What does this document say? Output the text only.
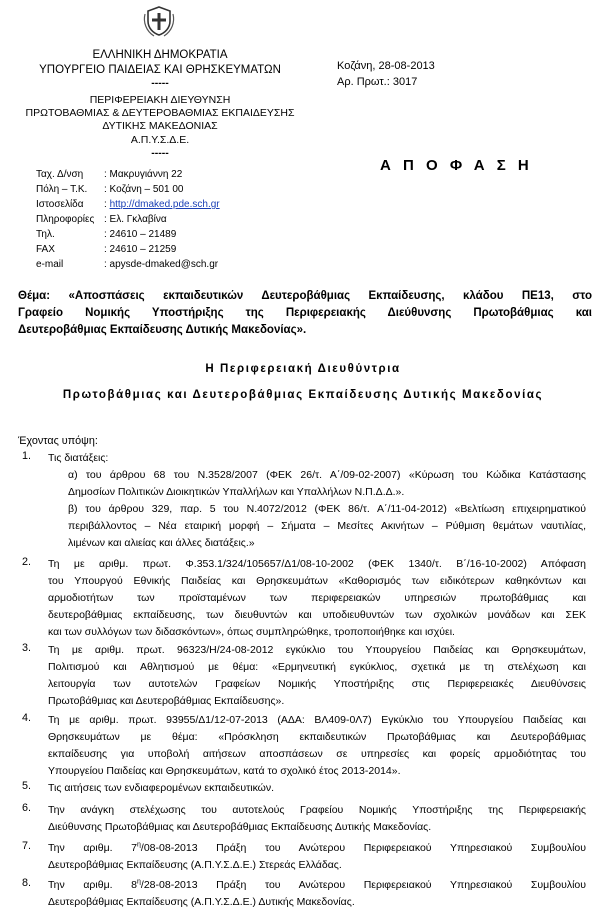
ΕΛΛΗΝΙΚΗ ΔΗΜΟΚΡΑΤΙΑ
ΥΠΟΥΡΓΕΙΟ ΠΑΙΔΕΙΑΣ ΚΑΙ ΘΡΗΣΚΕΥΜΑΤΩΝ
-----
ΠΕΡΙΦΕΡΕΙΑΚΗ ΔΙΕΥΘΥΝΣΗ
ΠΡΩΤΟΒΑΘΜΙΑΣ & ΔΕΥΤΕΡΟΒΑΘΜΙΑΣ ΕΚΠΑΙΔΕΥΣΗΣ
ΔΥΤΙΚΗΣ ΜΑΚΕΔΟΝΙΑΣ
Α.Π.Υ.Σ.Δ.Ε.
-----
Κοζάνη, 28-08-2013
Αρ. Πρωτ.: 3017
Α Π Ο Φ Α Σ Η
Ταχ. Δ/νση : Μακρυγιάννη 22
Πόλη – Τ.Κ. : Κοζάνη – 501 00
Ιστοσελίδα : http://dmaked.pde.sch.gr
Πληροφορίες : Ελ. Γκλαβίνα
Τηλ.	: 24610 – 21489
FAX	: 24610 – 21259
e-mail	: apysde-dmaked@sch.gr
Θέμα: «Αποσπάσεις εκπαιδευτικών Δευτεροβάθμιας Εκπαίδευσης, κλάδου ΠΕ13, στο
Γραφείο Νομικής Υποστήριξης της Περιφερειακής Διεύθυνσης Πρωτοβάθμιας και
Δευτεροβάθμιας Εκπαίδευσης Δυτικής Μακεδονίας».
Η Περιφερειακή Διευθύντρια
Πρωτοβάθμιας και Δευτεροβάθμιας Εκπαίδευσης Δυτικής Μακεδονίας
Έχοντας υπόψη:
1. Τις διατάξεις:
α) του άρθρου 68 του Ν.3528/2007 (ΦΕΚ 26/τ. Α΄/09-02-2007) «Κύρωση του Κώδικα Κατάστασης
Δημοσίων Πολιτικών Διοικητικών Υπαλλήλων και Υπαλλήλων Ν.Π.Δ.Δ.».
β) του άρθρου 329, παρ. 5 του Ν.4072/2012 (ΦΕΚ 86/τ. Α΄/11-04-2012) «Βελτίωση επιχειρηματικού
περιβάλλοντος – Νέα εταιρική μορφή – Σήματα – Μεσίτες Ακινήτων – Ρύθμιση θεμάτων ναυτιλίας,
λιμένων και αλιείας και άλλες διατάξεις.»
2. Τη με αριθμ. πρωτ. Φ.353.1/324/105657/Δ1/08-10-2002 (ΦΕΚ 1340/τ. Β΄/16-10-2002) Απόφαση
του Υπουργού Εθνικής Παιδείας και Θρησκευμάτων «Καθορισμός των ειδικότερων καθηκόντων και
αρμοδιοτήτων των προϊσταμένων των περιφερειακών υπηρεσιών πρωτοβάθμιας και
δευτεροβάθμιας εκπαίδευσης, των διευθυντών και υποδιευθυντών των σχολικών μονάδων και ΣΕΚ
και των συλλόγων των διδασκόντων», όπως συμπληρώθηκε, τροποποιήθηκε και ισχύει.
3. Τη με αριθμ. πρωτ. 96323/Η/24-08-2012 εγκύκλιο του Υπουργείου Παιδείας και Θρησκευμάτων,
Πολιτισμού και Αθλητισμού με θέμα: «Ερμηνευτική εγκύκλιος, σχετικά με τη στελέχωση και
λειτουργία των αυτοτελών Γραφείων Νομικής Υποστήριξης στις Περιφερειακές Διευθύνσεις
Πρωτοβάθμιας και Δευτεροβάθμιας Εκπαίδευσης».
4. Τη με αριθμ. πρωτ. 93955/Δ1/12-07-2013 (ΑΔΑ: ΒΛ409-0Λ7) Εγκύκλιο του Υπουργείου Παιδείας και
Θρησκευμάτων με θέμα: «Πρόσκληση εκπαιδευτικών Πρωτοβάθμιας και Δευτεροβάθμιας
εκπαίδευσης για υποβολή αιτήσεων αποσπάσεων σε υπηρεσίες και φορείς αρμοδιότητας του
Υπουργείου Παιδείας και Θρησκευμάτων, κατά το σχολικό έτος 2013-2014».
5. Τις αιτήσεις των ενδιαφερομένων εκπαιδευτικών.
6. Την ανάγκη στελέχωσης του αυτοτελούς Γραφείου Νομικής Υποστήριξης της Περιφερειακής
Διεύθυνσης Πρωτοβάθμιας και Δευτεροβάθμιας Εκπαίδευσης Δυτικής Μακεδονίας.
7. Την αριθμ. $7^\eta/08-08-2013$ Πράξη του Ανώτερου Περιφερειακού Υπηρεσιακού Συμβουλίου
Δευτεροβάθμιας Εκπαίδευσης (Α.Π.Υ.Σ.Δ.Ε.) Στερεάς Ελλάδας.
8. Την αριθμ. $8^\eta/28-08-2013$ Πράξη του Ανώτερου Περιφερειακού Υπηρεσιακού Συμβουλίου
Δευτεροβάθμιας Εκπαίδευσης (Α.Π.Υ.Σ.Δ.Ε.) Δυτικής Μακεδονίας.
